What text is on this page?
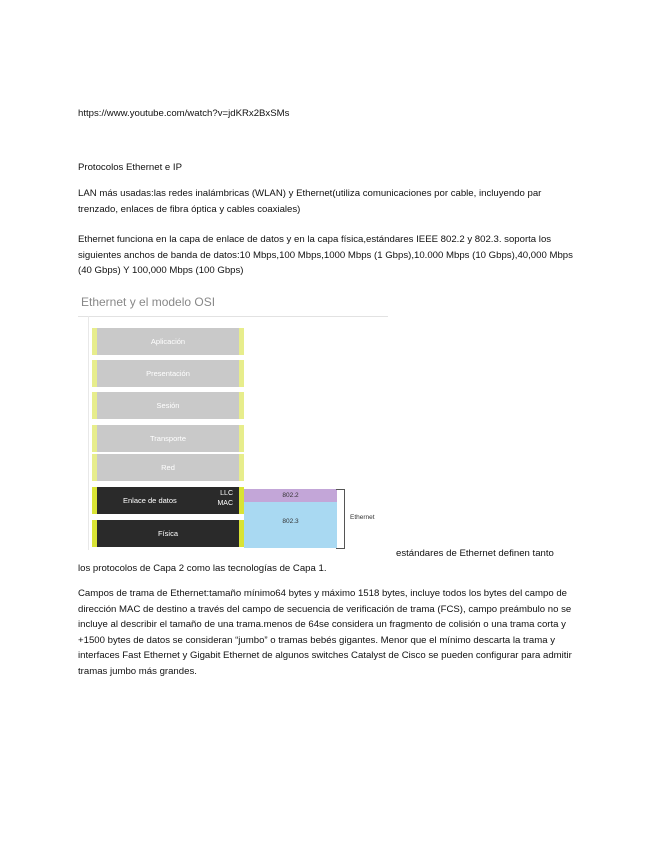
https://www.youtube.com/watch?v=jdKRx2BxSMs

Protocolos Ethernet e IP

LAN más usadas:las redes inalámbricas (WLAN) y Ethernet(utiliza comunicaciones por cable, incluyendo par trenzado, enlaces de fibra óptica y cables coaxiales)

Ethernet funciona en la capa de enlace de datos y en la capa física,estándares IEEE 802.2 y 802.3. soporta los siguientes anchos de banda de datos:10 Mbps,100 Mbps,1000 Mbps (1 Gbps),10.000 Mbps (10 Gbps),40,000 Mbps (40 Gbps) Y 100,000 Mbps (100 Gbps)

Ethernet y el modelo OSI

Aplicación
Presentación
Sesión
Transporte
Red
Enlace de datos
LLC
MAC
Física
802.2
802.3
Ethernet

estándares de Ethernet definen tanto

los protocolos de Capa 2 como las tecnologías de Capa 1.

Campos de trama de Ethernet:tamaño mínimo64 bytes y máximo 1518 bytes, incluye todos los bytes del campo de dirección MAC de destino a través del campo de secuencia de verificación de trama (FCS), campo preámbulo no se incluye al describir el tamaño de una trama.menos de 64se considera un fragmento de colisión o una trama corta y +1500 bytes de datos se consideran “jumbo” o tramas bebés gigantes. Menor que el mínimo descarta la trama y interfaces Fast Ethernet y Gigabit Ethernet de algunos switches Catalyst de Cisco se pueden configurar para admitir tramas jumbo más grandes.
